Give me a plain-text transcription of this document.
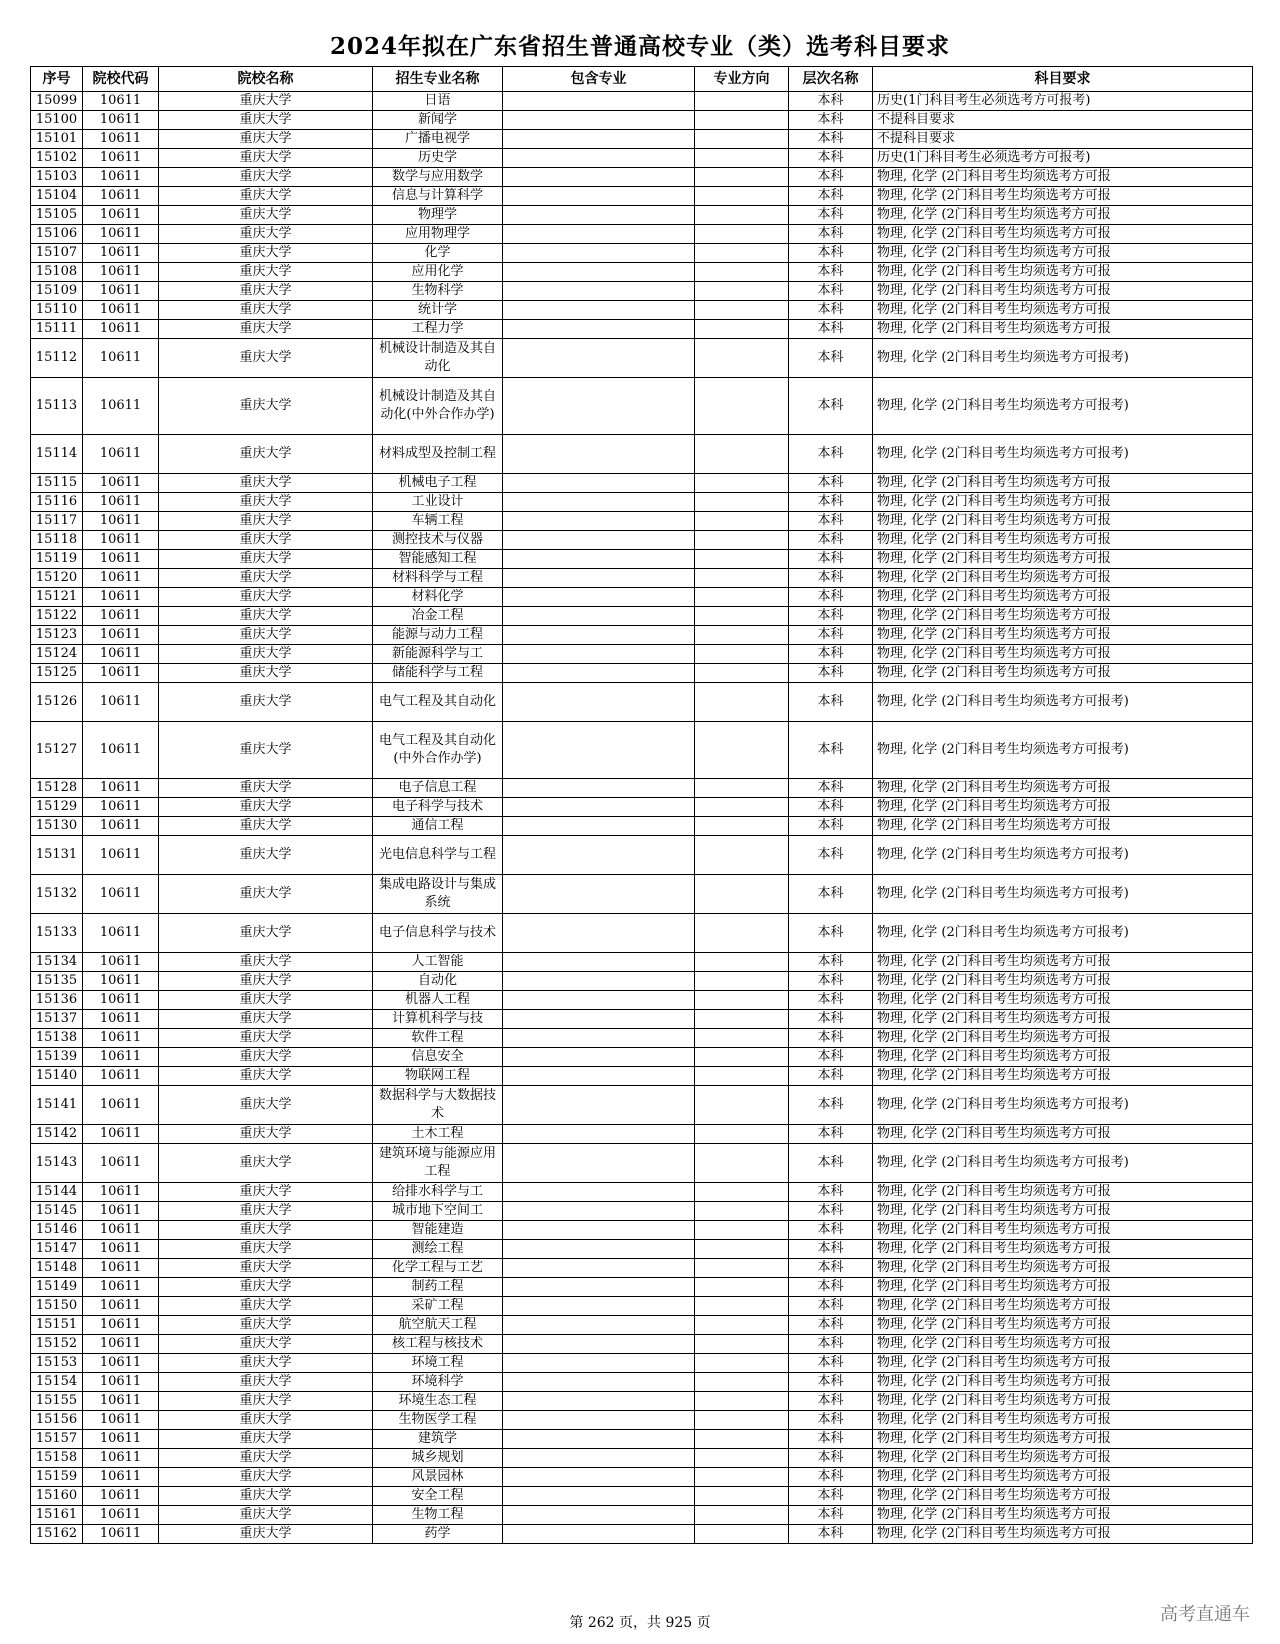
2024年拟在广东省招生普通高校专业（类）选考科目要求
序号	院校代码	院校名称	招生专业名称	包含专业	专业方向	层次名称	科目要求
15099	10611	重庆大学	日语			本科	历史(1门科目考生必须选考方可报考)
15100	10611	重庆大学	新闻学			本科	不提科目要求
15101	10611	重庆大学	广播电视学			本科	不提科目要求
15102	10611	重庆大学	历史学			本科	历史(1门科目考生必须选考方可报考)
15103	10611	重庆大学	数学与应用数学			本科	物理, 化学 (2门科目考生均须选考方可报
15104	10611	重庆大学	信息与计算科学			本科	物理, 化学 (2门科目考生均须选考方可报
15105	10611	重庆大学	物理学			本科	物理, 化学 (2门科目考生均须选考方可报
15106	10611	重庆大学	应用物理学			本科	物理, 化学 (2门科目考生均须选考方可报
15107	10611	重庆大学	化学			本科	物理, 化学 (2门科目考生均须选考方可报
15108	10611	重庆大学	应用化学			本科	物理, 化学 (2门科目考生均须选考方可报
15109	10611	重庆大学	生物科学			本科	物理, 化学 (2门科目考生均须选考方可报
15110	10611	重庆大学	统计学			本科	物理, 化学 (2门科目考生均须选考方可报
15111	10611	重庆大学	工程力学			本科	物理, 化学 (2门科目考生均须选考方可报
15112	10611	重庆大学	机械设计制造及其自动化			本科	物理, 化学 (2门科目考生均须选考方可报考)
15113	10611	重庆大学	机械设计制造及其自动化(中外合作办学)			本科	物理, 化学 (2门科目考生均须选考方可报考)
15114	10611	重庆大学	材料成型及控制工程			本科	物理, 化学 (2门科目考生均须选考方可报考)
15115	10611	重庆大学	机械电子工程			本科	物理, 化学 (2门科目考生均须选考方可报
15116	10611	重庆大学	工业设计			本科	物理, 化学 (2门科目考生均须选考方可报
15117	10611	重庆大学	车辆工程			本科	物理, 化学 (2门科目考生均须选考方可报
15118	10611	重庆大学	测控技术与仪器			本科	物理, 化学 (2门科目考生均须选考方可报
15119	10611	重庆大学	智能感知工程			本科	物理, 化学 (2门科目考生均须选考方可报
15120	10611	重庆大学	材料科学与工程			本科	物理, 化学 (2门科目考生均须选考方可报
15121	10611	重庆大学	材料化学			本科	物理, 化学 (2门科目考生均须选考方可报
15122	10611	重庆大学	冶金工程			本科	物理, 化学 (2门科目考生均须选考方可报
15123	10611	重庆大学	能源与动力工程			本科	物理, 化学 (2门科目考生均须选考方可报
15124	10611	重庆大学	新能源科学与工			本科	物理, 化学 (2门科目考生均须选考方可报
15125	10611	重庆大学	储能科学与工程			本科	物理, 化学 (2门科目考生均须选考方可报
15126	10611	重庆大学	电气工程及其自动化			本科	物理, 化学 (2门科目考生均须选考方可报考)
15127	10611	重庆大学	电气工程及其自动化(中外合作办学)			本科	物理, 化学 (2门科目考生均须选考方可报考)
15128	10611	重庆大学	电子信息工程			本科	物理, 化学 (2门科目考生均须选考方可报
15129	10611	重庆大学	电子科学与技术			本科	物理, 化学 (2门科目考生均须选考方可报
15130	10611	重庆大学	通信工程			本科	物理, 化学 (2门科目考生均须选考方可报
15131	10611	重庆大学	光电信息科学与工程			本科	物理, 化学 (2门科目考生均须选考方可报考)
15132	10611	重庆大学	集成电路设计与集成系统			本科	物理, 化学 (2门科目考生均须选考方可报考)
15133	10611	重庆大学	电子信息科学与技术			本科	物理, 化学 (2门科目考生均须选考方可报考)
15134	10611	重庆大学	人工智能			本科	物理, 化学 (2门科目考生均须选考方可报
15135	10611	重庆大学	自动化			本科	物理, 化学 (2门科目考生均须选考方可报
15136	10611	重庆大学	机器人工程			本科	物理, 化学 (2门科目考生均须选考方可报
15137	10611	重庆大学	计算机科学与技			本科	物理, 化学 (2门科目考生均须选考方可报
15138	10611	重庆大学	软件工程			本科	物理, 化学 (2门科目考生均须选考方可报
15139	10611	重庆大学	信息安全			本科	物理, 化学 (2门科目考生均须选考方可报
15140	10611	重庆大学	物联网工程			本科	物理, 化学 (2门科目考生均须选考方可报
15141	10611	重庆大学	数据科学与大数据技术			本科	物理, 化学 (2门科目考生均须选考方可报考)
15142	10611	重庆大学	土木工程			本科	物理, 化学 (2门科目考生均须选考方可报
15143	10611	重庆大学	建筑环境与能源应用工程			本科	物理, 化学 (2门科目考生均须选考方可报考)
15144	10611	重庆大学	给排水科学与工			本科	物理, 化学 (2门科目考生均须选考方可报
15145	10611	重庆大学	城市地下空间工			本科	物理, 化学 (2门科目考生均须选考方可报
15146	10611	重庆大学	智能建造			本科	物理, 化学 (2门科目考生均须选考方可报
15147	10611	重庆大学	测绘工程			本科	物理, 化学 (2门科目考生均须选考方可报
15148	10611	重庆大学	化学工程与工艺			本科	物理, 化学 (2门科目考生均须选考方可报
15149	10611	重庆大学	制药工程			本科	物理, 化学 (2门科目考生均须选考方可报
15150	10611	重庆大学	采矿工程			本科	物理, 化学 (2门科目考生均须选考方可报
15151	10611	重庆大学	航空航天工程			本科	物理, 化学 (2门科目考生均须选考方可报
15152	10611	重庆大学	核工程与核技术			本科	物理, 化学 (2门科目考生均须选考方可报
15153	10611	重庆大学	环境工程			本科	物理, 化学 (2门科目考生均须选考方可报
15154	10611	重庆大学	环境科学			本科	物理, 化学 (2门科目考生均须选考方可报
15155	10611	重庆大学	环境生态工程			本科	物理, 化学 (2门科目考生均须选考方可报
15156	10611	重庆大学	生物医学工程			本科	物理, 化学 (2门科目考生均须选考方可报
15157	10611	重庆大学	建筑学			本科	物理, 化学 (2门科目考生均须选考方可报
15158	10611	重庆大学	城乡规划			本科	物理, 化学 (2门科目考生均须选考方可报
15159	10611	重庆大学	风景园林			本科	物理, 化学 (2门科目考生均须选考方可报
15160	10611	重庆大学	安全工程			本科	物理, 化学 (2门科目考生均须选考方可报
15161	10611	重庆大学	生物工程			本科	物理, 化学 (2门科目考生均须选考方可报
15162	10611	重庆大学	药学			本科	物理, 化学 (2门科目考生均须选考方可报
第 262 页，共 925 页	高考直通车
